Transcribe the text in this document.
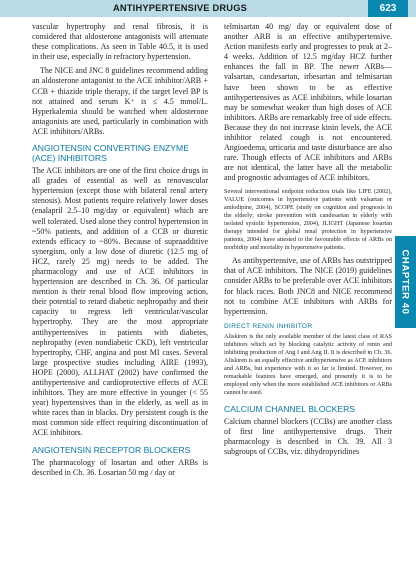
ANTIHYPERTENSIVE DRUGS	623
CHAPTER 40

vascular hypertrophy and renal fibrosis, it is considered that aldosterone antagonists will attenuate these complications. As seen in Table 40.5, it is used in their use, especially in refractory hypertension.

The NICE and JNC 8 guidelines recommend adding an aldosterone antagonist to the ACE inhibitor/ARB + CCB + thiazide triple therapy, if the target level BP is not attained and serum K⁺ is ≤ 4.5 mmol/L. Hyperkalemia should be watched when aldosterone antagonists are used, particularly in combination with ACE inhibitors/ARBs.

ANGIOTENSIN CONVERTING ENZYME (ACE) INHIBITORS

The ACE inhibitors are one of the first choice drugs in all grades of essential as well as renovascular hypertension (except those with bilateral renal artery stenosis). Most patients require relatively lower doses (enalapril 2.5–10 mg/day or equivalent) which are well tolerated. Used alone they control hypertension in ~50% patients, and addition of a CCB or diuretic extends efficacy to ~80%. Because of supraadditive synergism, only a low dose of diuretic (12.5 mg of HCZ, rarely 25 mg) needs to be added. The pharmacology and use of ACE inhibitors in hypertension are described in Ch. 36. Of particular mention is their renal blood flow improving action, their potential to retard diabetic nephropathy and their capacity to regress left ventricular/vascular hypertrophy. They are the most appropriate antihypertensives in patients with diabetes, nephropathy (even nondiabetic CKD), left ventricular hypertrophy, CHF, angina and post MI cases. Several large prospective studies including AIRE (1993), HOPE (2000), ALLHAT (2002) have confirmed the antihypertensive and cardioprotective effects of ACE inhibitors. They are more effective in younger (< 55 year) hypertensives than in the elderly, as well as in white races than in blacks. Dry persistent cough is the most common side effect requiring discontinuation of ACE inhibitors.

ANGIOTENSIN RECEPTOR BLOCKERS

The pharmacology of losartan and other ARBs is described in Ch. 36. Losartan 50 mg / day or

telmisartan 40 mg/ day or equivalent dose of another ARB is an effective antihypertensive. Action manifests early and progresses to peak at 2–4 weeks. Addition of 12.5 mg/day HCZ further enhances the fall in BP. The newer ARBs—valsartan, candesartan, irbesartan and telmisartan have been shown to be as effective antihypertensives as ACE inhibitors, while losartan may be somewhat weaker than high doses of ACE inhibitors. ARBs are remarkably free of side effects. Because they do not increase kinin levels, the ACE inhibitor related cough is not encountered. Angioedema, urticaria and taste disturbance are also rare. Though effects of ACE inhibitors and ARBs are not identical, the latter have all the metabolic and prognostic advantages of ACE inhibitors.

Several interventional endpoint reduction trials like LIFE (2002), VALUE (outcomes in hypertensive patients with valsartan or amlodipine, 2004), SCOPE (study on cognition and prognosis in the elderly; stroke prevention with candesartan in elderly with isolated systolic hypertension, 2004), JLIGHT (Japanese losartan therapy intended for global renal protection in hypertensive patients, 2004) have attested to the favourable effects of ARBs on morbidity and mortality in hypertensive patients.

As antihypertensive, use of ARBs has outstripped that of ACE inhibitors. The NICE (2019) guidelines consider ARBs to be preferable over ACE inhibitors for black races. Both JNC8 and NICE recommend not to combine ACE inhibitors with ARBs for hypertension.

DIRECT RENIN INHIBITOR

Aliskiren is the only available member of the latest class of RAS inhibitors which act by blocking catalytic activity of renin and inhibiting production of Ang I and Ang II. It is described in Ch. 36. Aliskiren is an equally effective antihypertensive as ACE inhibitors and ARBs, but experience with it so far is limited. However, no remarkable features have emerged, and presently it is to be employed only when the more established ACE inhibitors or ARBs cannot be used.

CALCIUM CHANNEL BLOCKERS

Calcium channel blockers (CCBs) are another class of first line antihypertensive drugs. Their pharmacology is described in Ch. 39. All 3 subgroups of CCBs, viz. dihydropyridines
